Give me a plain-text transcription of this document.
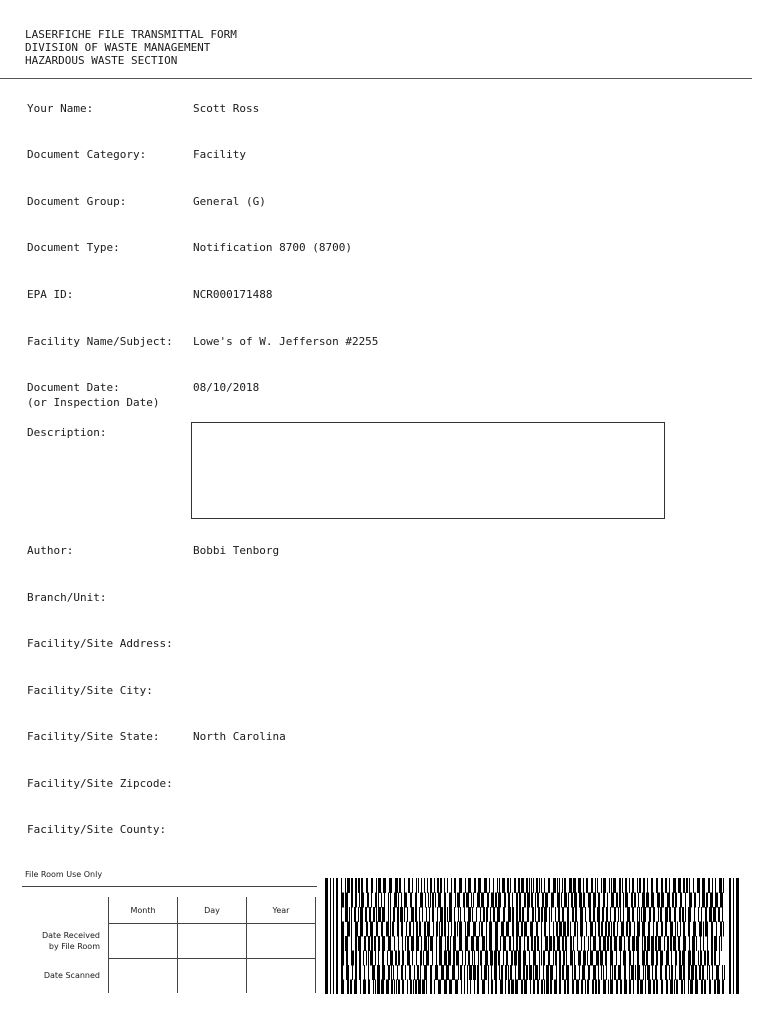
LASERFICHE FILE TRANSMITTAL FORM
DIVISION OF WASTE MANAGEMENT
HAZARDOUS WASTE SECTION
Your Name:	Scott Ross
Document Category:	Facility
Document Group:	General (G)
Document Type:	Notification 8700 (8700)
EPA ID:	NCR000171488
Facility Name/Subject: Lowe's of W. Jefferson #2255
Document Date:
(or Inspection Date)
08/10/2018
Description:
Author:	Bobbi Tenborg
Branch/Unit:
Facility/Site Address:
Facility/Site City:
Facility/Site State:	North Carolina
Facility/Site Zipcode:
Facility/Site County:
File Room Use Only
	Month	Day	Year

Date Received
by File Room			

Date Scanned			
